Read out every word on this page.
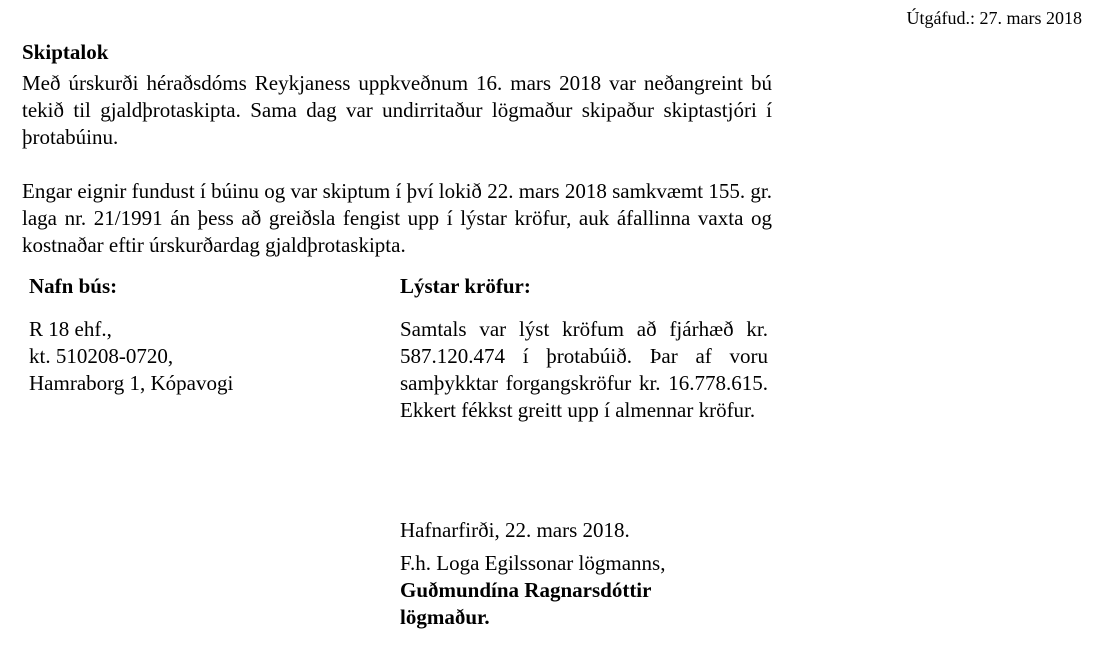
Útgáfud.: 27. mars 2018
Skiptalok

Með úrskurði héraðsdóms Reykjaness uppkveðnum 16. mars 2018 var neðangreint bú tekið til gjaldþrotaskipta. Sama dag var undirritaður lögmaður skipaður skiptastjóri í þrotabúinu.

Engar eignir fundust í búinu og var skiptum í því lokið 22. mars 2018 samkvæmt 155. gr. laga nr. 21/1991 án þess að greiðsla fengist upp í lýstar kröfur, auk áfallinna vaxta og kostnaðar eftir úrskurðardag gjaldþrotaskipta.

Nafn bús:	Lýstar kröfur:
R 18 ehf.,
kt. 510208-0720,
Hamraborg 1, Kópavogi

Samtals var lýst kröfum að fjárhæð kr. 587.120.474 í þrotabúið. Þar af voru samþykktar forgangskröfur kr. 16.778.615. Ekkert fékkst greitt upp í almennar kröfur.

Hafnarfirði, 22. mars 2018.
F.h. Loga Egilssonar lögmanns,
Guðmundína Ragnarsdóttir
lögmaður.
